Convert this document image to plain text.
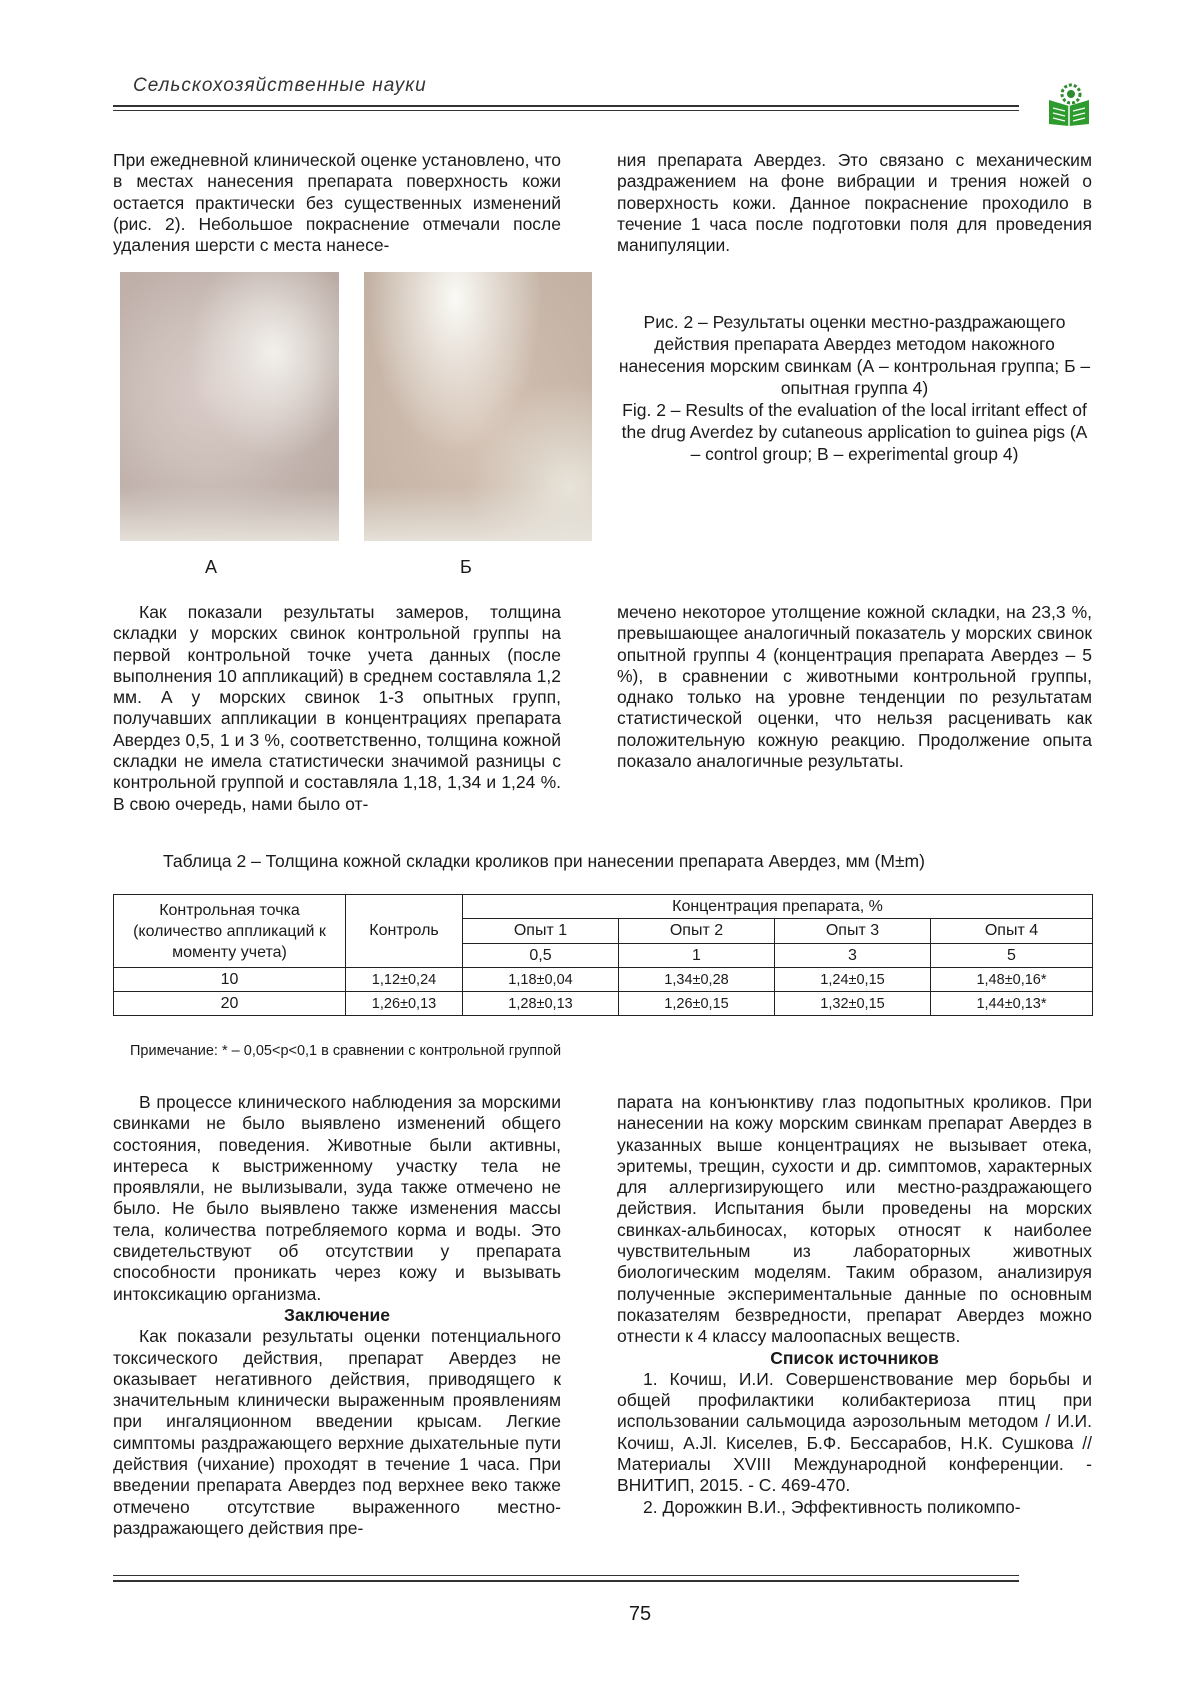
Сельскохозяйственные науки

При ежедневной клинической оценке установлено, что в местах нанесения препарата поверхность кожи остается практически без существенных изменений (рис. 2). Небольшое покраснение отмечали после удаления шерсти с места нанесе-

ния препарата Авердез. Это связано с механическим раздражением на фоне вибрации и трения ножей о поверхность кожи. Данное покраснение проходило в течение 1 часа после подготовки поля для проведения манипуляции.

А	Б

Рис. 2 – Результаты оценки местно-раздражающего действия препарата Авердез методом накожного нанесения морским свинкам (А – контрольная группа; Б – опытная группа 4)

Fig. 2 – Results of the evaluation of the local irritant effect of the drug Averdez by cutaneous application to guinea pigs (A – control group; B – experimental group 4)

Как показали результаты замеров, толщина складки у морских свинок контрольной группы на первой контрольной точке учета данных (после выполнения 10 аппликаций) в среднем составляла 1,2 мм. А у морских свинок 1-3 опытных групп, получавших аппликации в концентрациях препарата Авердез 0,5, 1 и 3 %, соответственно, толщина кожной складки не имела статистически значимой разницы с контрольной группой и составляла 1,18, 1,34 и 1,24 %. В свою очередь, нами было от-

мечено некоторое утолщение кожной складки, на 23,3 %, превышающее аналогичный показатель у морских свинок опытной группы 4 (концентрация препарата Авердез – 5 %), в сравнении с животными контрольной группы, однако только на уровне тенденции по результатам статистической оценки, что нельзя расценивать как положительную кожную реакцию. Продолжение опыта показало аналогичные результаты.

Таблица 2 – Толщина кожной складки кроликов при нанесении препарата Авердез, мм (M±m)
Контрольная точка (количество аппликаций к моменту учета)	Контроль	Концентрация препарата, %			
		Опыт 1	Опыт 2	Опыт 3	Опыт 4
		0,5	1	3	5
10	1,12±0,24	1,18±0,04	1,34±0,28	1,24±0,15	1,48±0,16*
20	1,26±0,13	1,28±0,13	1,26±0,15	1,32±0,15	1,44±0,13*
Примечание: * – 0,05<p<0,1 в сравнении с контрольной группой

В процессе клинического наблюдения за морскими свинками не было выявлено изменений общего состояния, поведения. Животные были активны, интереса к выстриженному участку тела не проявляли, не вылизывали, зуда также отмечено не было. Не было выявлено также изменения массы тела, количества потребляемого корма и воды. Это свидетельствуют об отсутствии у препарата способности проникать через кожу и вызывать интоксикацию организма.

Заключение

Как показали результаты оценки потенциального токсического действия, препарат Авердез не оказывает негативного действия, приводящего к значительным клинически выраженным проявлениям при ингаляционном введении крысам. Легкие симптомы раздражающего верхние дыхательные пути действия (чихание) проходят в течение 1 часа. При введении препарата Авердез под верхнее веко также отмечено отсутствие выраженного местно-раздражающего действия пре-

парата на конъюнктиву глаз подопытных кроликов. При нанесении на кожу морским свинкам препарат Авердез в указанных выше концентрациях не вызывает отека, эритемы, трещин, сухости и др. симптомов, характерных для аллергизирующего или местно-раздражающего действия. Испытания были проведены на морских свинках-альбиносах, которых относят к наиболее чувствительным из лабораторных животных биологическим моделям. Таким образом, анализируя полученные экспериментальные данные по основным показателям безвредности, препарат Авердез можно отнести к 4 классу малоопасных веществ.

Список источников

1. Кочиш, И.И. Совершенствование мер борьбы и общей профилактики колибактериоза птиц при использовании сальмоцида аэрозольным методом / И.И. Кочиш, А.Jl. Киселев, Б.Ф. Бессарабов, Н.К. Сушкова // Материалы XVIII Международной конференции. - ВНИТИП, 2015. - С. 469-470.

2. Дорожкин В.И., Эффективность поликомпо-

75
